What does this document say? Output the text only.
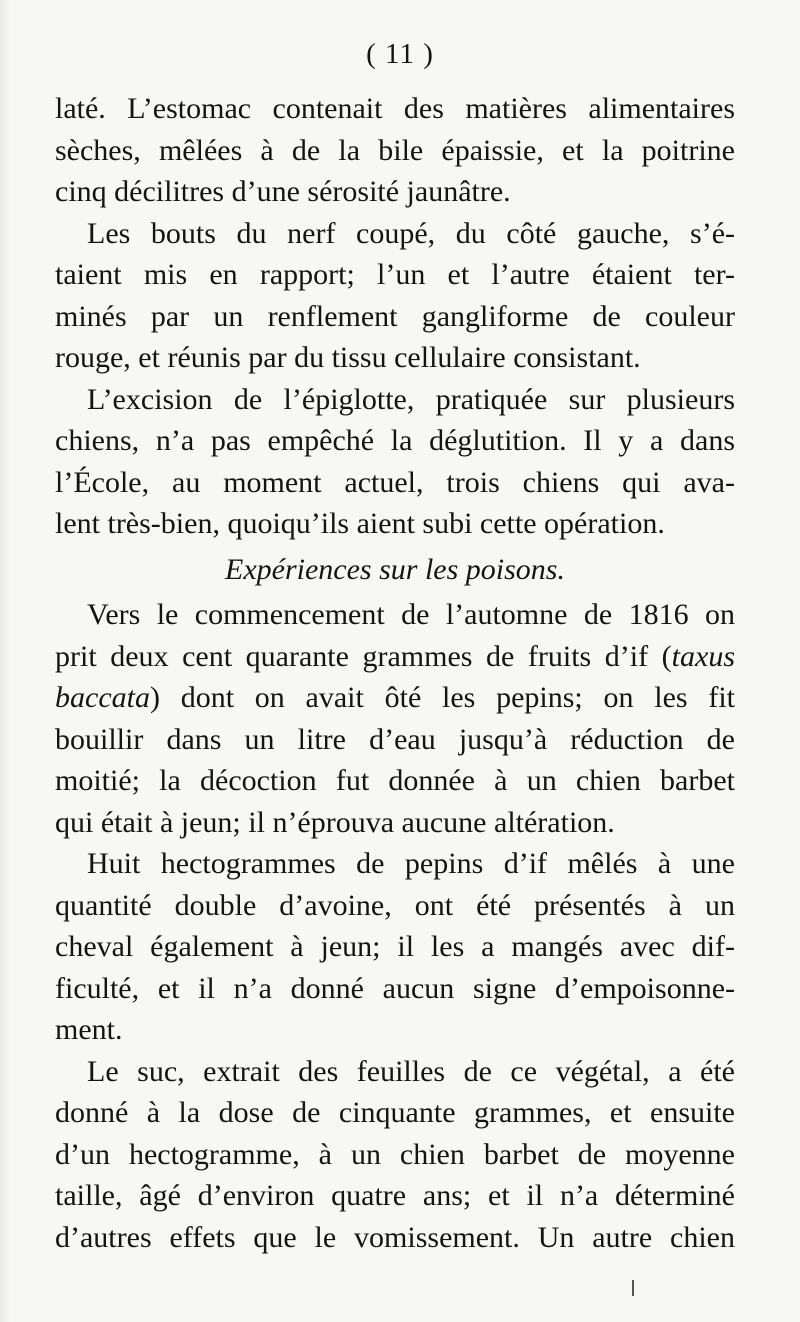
( 11 )

laté. L’estomac contenait des matières alimentaires
sèches, mêlées à de la bile épaissie, et la poitrine
cinq décilitres d’une sérosité jaunâtre.
Les bouts du nerf coupé, du côté gauche, s’é-
taient mis en rapport; l’un et l’autre étaient ter-
minés par un renflement gangliforme de couleur
rouge, et réunis par du tissu cellulaire consistant.
L’excision de l’épiglotte, pratiquée sur plusieurs
chiens, n’a pas empêché la déglutition. Il y a dans
l’École, au moment actuel, trois chiens qui ava-
lent très-bien, quoiqu’ils aient subi cette opération.
Expériences sur les poisons.
Vers le commencement de l’automne de 1816 on
prit deux cent quarante grammes de fruits d’if (taxus
baccata) dont on avait ôté les pepins; on les fit
bouillir dans un litre d’eau jusqu’à réduction de
moitié; la décoction fut donnée à un chien barbet
qui était à jeun; il n’éprouva aucune altération.
Huit hectogrammes de pepins d’if mêlés à une
quantité double d’avoine, ont été présentés à un
cheval également à jeun; il les a mangés avec dif-
ficulté, et il n’a donné aucun signe d’empoisonne-
ment.
Le suc, extrait des feuilles de ce végétal, a été
donné à la dose de cinquante grammes, et ensuite
d’un hectogramme, à un chien barbet de moyenne
taille, âgé d’environ quatre ans; et il n’a déterminé
d’autres effets que le vomissement. Un autre chien
